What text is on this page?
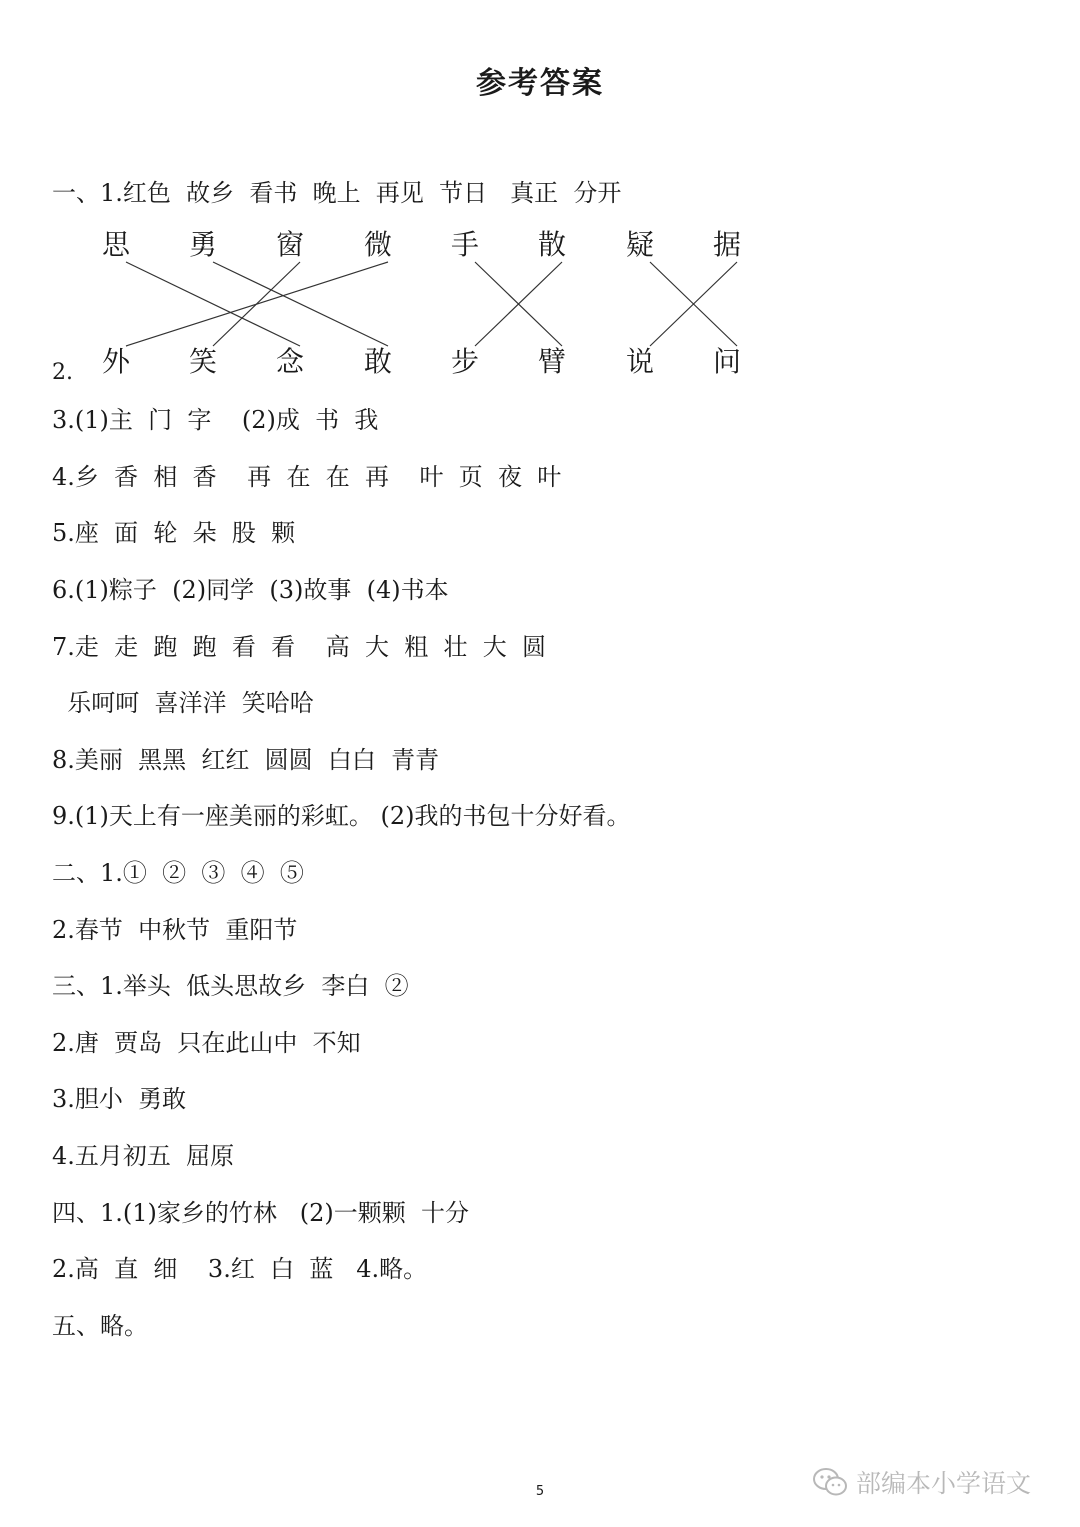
参考答案
一、1.红色  故乡  看书  晚上  再见  节日   真正  分开
3.(1)主  门  字    (2)成  书  我
4.乡  香  相  香    再  在  在  再    叶  页  夜  叶
5.座  面  轮  朵  股  颗
6.(1)粽子  (2)同学  (3)故事  (4)书本
7.走  走  跑  跑  看  看    高  大  粗  壮  大  圆
乐呵呵  喜洋洋  笑哈哈
8.美丽  黑黑  红红  圆圆  白白  青青
9.(1)天上有一座美丽的彩虹。 (2)我的书包十分好看。
二、1.①  ②  ③  ④  ⑤
2.春节  中秋节  重阳节
三、1.举头  低头思故乡  李白  ②
2.唐  贾岛  只在此山中  不知
3.胆小  勇敢
4.五月初五  屈原
四、1.(1)家乡的竹林   (2)一颗颗  十分
2.高  直  细    3.红  白  蓝   4.略。
五、略。
2.
思 勇 窗 微 手 散 疑 据
外 笑 念 敢 步 臂 说 问
5	部编本小学语文
